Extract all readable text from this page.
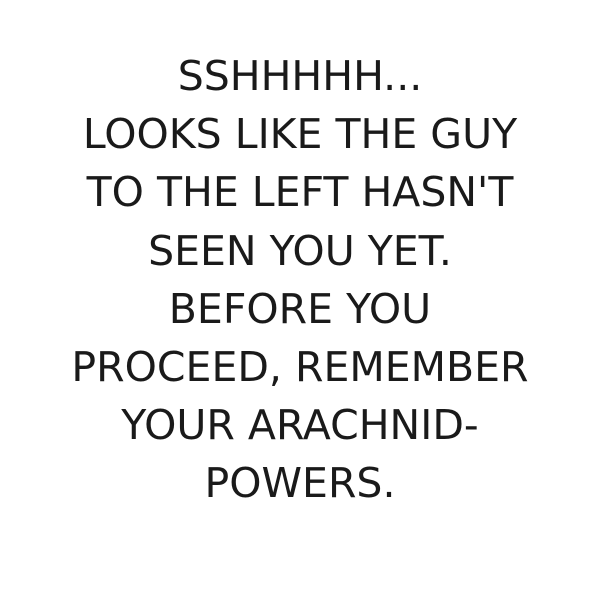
SSHHHHH...
LOOKS LIKE THE GUY
TO THE LEFT HASN'T
SEEN YOU YET.
BEFORE YOU
PROCEED, REMEMBER
YOUR ARACHNID-
POWERS.
